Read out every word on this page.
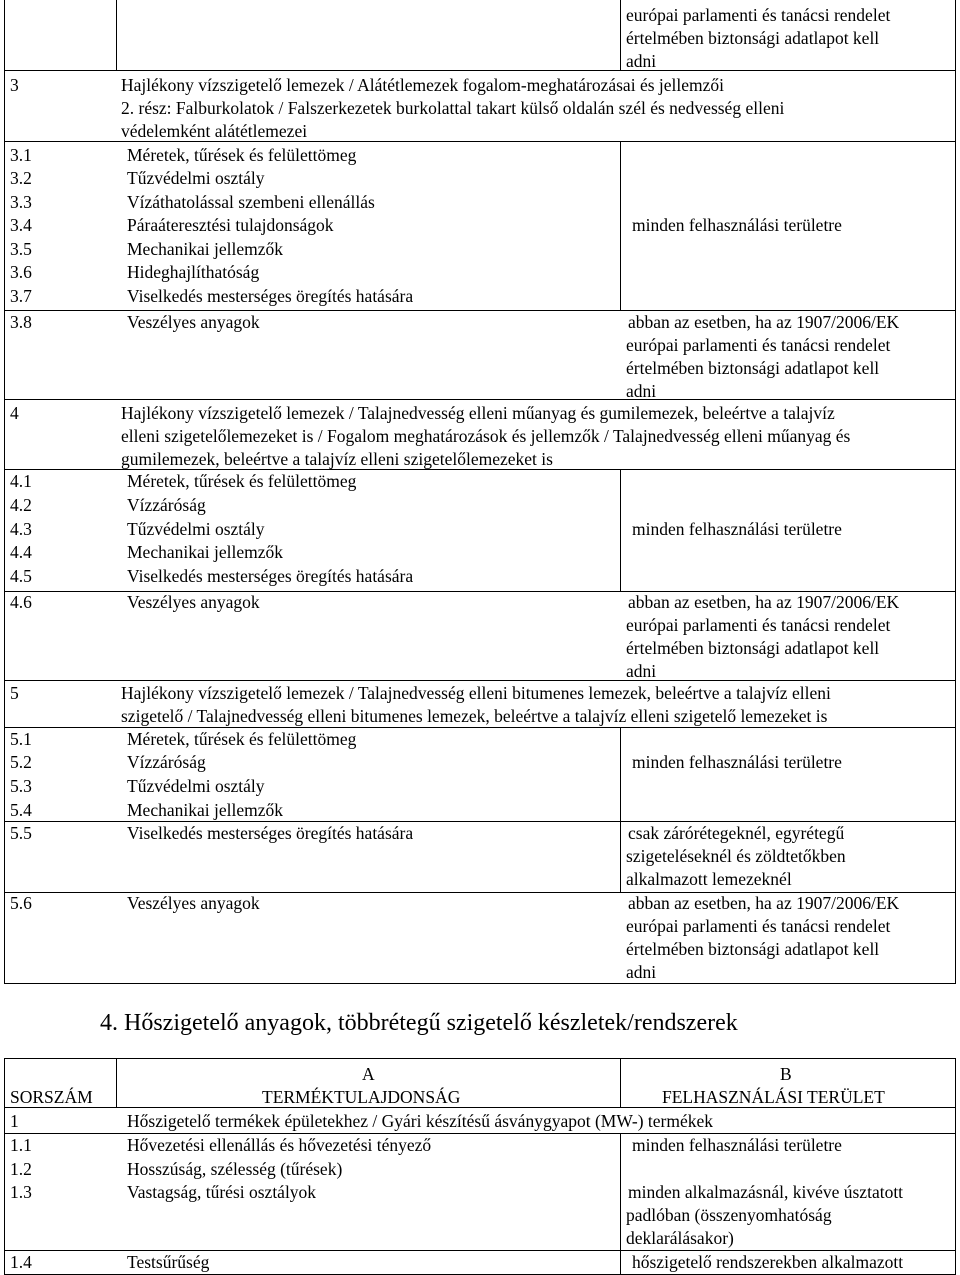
európai parlamenti és tanácsi rendelet
értelmében biztonsági adatlapot kell
adni
3	Hajlékony vízszigetelő lemezek / Alátétlemezek fogalom-meghatározásai és jellemzői
2. rész: Falburkolatok / Falszerkezetek burkolattal takart külső oldalán szél és nedvesség elleni
védelemként alátétlemezei
3.1	Méretek, tűrések és felülettömeg
3.2	Tűzvédelmi osztály
3.3	Vízáthatolással szembeni ellenállás
3.4	Páraáteresztési tulajdonságok
3.5	Mechanikai jellemzők
3.6	Hideghajlíthatóság
3.7	Viselkedés mesterséges öregítés hatására
minden felhasználási területre
3.8	Veszélyes anyagok	abban az esetben, ha az 1907/2006/EK
európai parlamenti és tanácsi rendelet
értelmében biztonsági adatlapot kell
adni
4	Hajlékony vízszigetelő lemezek / Talajnedvesség elleni műanyag és gumilemezek, beleértve a talajvíz
elleni szigetelőlemezeket is / Fogalom meghatározások és jellemzők / Talajnedvesség elleni műanyag és
gumilemezek, beleértve a talajvíz elleni szigetelőlemezeket is
4.1	Méretek, tűrések és felülettömeg
4.2	Vízzáróság
4.3	Tűzvédelmi osztály
4.4	Mechanikai jellemzők
4.5	Viselkedés mesterséges öregítés hatására
minden felhasználási területre
4.6	Veszélyes anyagok	abban az esetben, ha az 1907/2006/EK
európai parlamenti és tanácsi rendelet
értelmében biztonsági adatlapot kell
adni
5	Hajlékony vízszigetelő lemezek / Talajnedvesség elleni bitumenes lemezek, beleértve a talajvíz elleni
szigetelő / Talajnedvesség elleni bitumenes lemezek, beleértve a talajvíz elleni szigetelő lemezeket is
5.1	Méretek, tűrések és felülettömeg
5.2	Vízzáróság
5.3	Tűzvédelmi osztály
5.4	Mechanikai jellemzők
minden felhasználási területre
5.5	Viselkedés mesterséges öregítés hatására	csak zárórétegeknél, egyrétegű
szigeteléseknél és zöldtetőkben
alkalmazott lemezeknél
5.6	Veszélyes anyagok	abban az esetben, ha az 1907/2006/EK
európai parlamenti és tanácsi rendelet
értelmében biztonsági adatlapot kell
adni
4. Hőszigetelő anyagok, többrétegű szigetelő készletek/rendszerek
A	B
SORSZÁM	TERMÉKTULAJDONSÁG	FELHASZNÁLÁSI TERÜLET
1	Hőszigetelő termékek épületekhez / Gyári készítésű ásványgyapot (MW-) termékek
1.1	Hővezetési ellenállás és hővezetési tényező	minden felhasználási területre
1.2	Hosszúság, szélesség (tűrések)
1.3	Vastagság, tűrési osztályok	minden alkalmazásnál, kivéve úsztatott
padlóban (összenyomhatóság
deklarálásakor)
1.4	Testsűrűség	hőszigetelő rendszerekben alkalmazott
